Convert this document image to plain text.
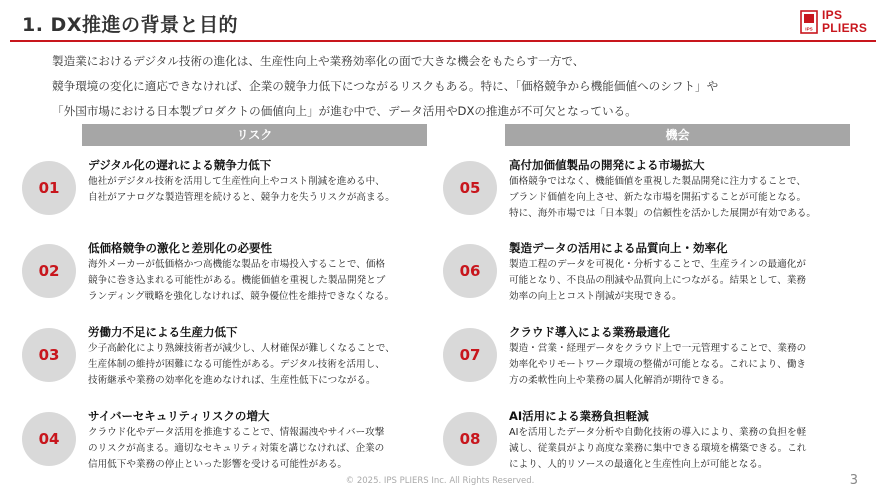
1. DX推進の背景と目的	IPS
IPS
PLIERS
製造業におけるデジタル技術の進化は、生産性向上や業務効率化の面で大きな機会をもたらす一方で、
競争環境の変化に適応できなければ、企業の競争力低下につながるリスクもある。特に、「価格競争から機能価値へのシフト」や
「外国市場における日本製プロダクトの価値向上」が進む中で、データ活用やDXの推進が不可欠となっている。
リスク	機会
01
デジタル化の遅れによる競争力低下
他社がデジタル技術を活用して生産性向上やコスト削減を進める中、
自社がアナログな製造管理を続けると、競争力を失うリスクが高まる。
02
低価格競争の激化と差別化の必要性
海外メーカーが低価格かつ高機能な製品を市場投入することで、価格
競争に巻き込まれる可能性がある。機能価値を重視した製品開発とブ
ランディング戦略を強化しなければ、競争優位性を維持できなくなる。
03
労働力不足による生産力低下
少子高齢化により熟練技術者が減少し、人材確保が難しくなることで、
生産体制の維持が困難になる可能性がある。デジタル技術を活用し、
技術継承や業務の効率化を進めなければ、生産性低下につながる。
04
サイバーセキュリティリスクの増大
クラウド化やデータ活用を推進することで、情報漏洩やサイバー攻撃
のリスクが高まる。適切なセキュリティ対策を講じなければ、企業の
信用低下や業務の停止といった影響を受ける可能性がある。
05
高付加価値製品の開発による市場拡大
価格競争ではなく、機能価値を重視した製品開発に注力することで、
ブランド価値を向上させ、新たな市場を開拓することが可能となる。
特に、海外市場では「日本製」の信頼性を活かした展開が有効である。
06
製造データの活用による品質向上・効率化
製造工程のデータを可視化・分析することで、生産ラインの最適化が
可能となり、不良品の削減や品質向上につながる。結果として、業務
効率の向上とコスト削減が実現できる。
07
クラウド導入による業務最適化
製造・営業・経理データをクラウド上で一元管理することで、業務の
効率化やリモートワーク環境の整備が可能となる。これにより、働き
方の柔軟性向上や業務の属人化解消が期待できる。
08
AI活用による業務負担軽減
AIを活用したデータ分析や自動化技術の導入により、業務の負担を軽
減し、従業員がより高度な業務に集中できる環境を構築できる。これ
により、人的リソースの最適化と生産性向上が可能となる。
© 2025. IPS PLIERS Inc. All Rights Reserved.	3
